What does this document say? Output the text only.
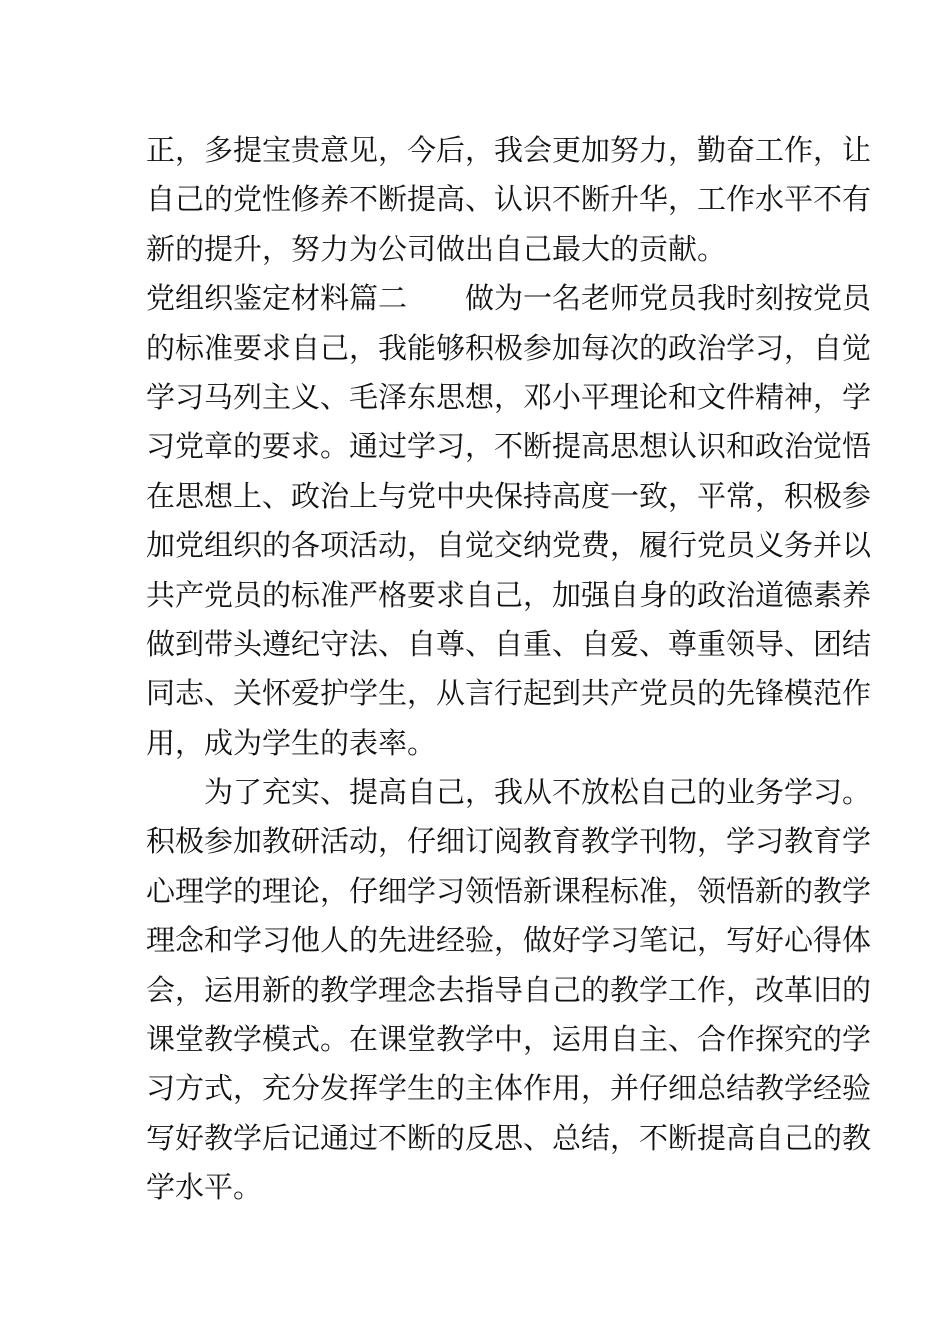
正，多提宝贵意见，今后，我会更加努力，勤奋工作，让
自己的党性修养不断提高、认识不断升华，工作水平不有
新的提升，努力为公司做出自己最大的贡献。
党组织鉴定材料篇二　　做为一名老师党员我时刻按党员
的标准要求自己，我能够积极参加每次的政治学习，自觉
学习马列主义、毛泽东思想，邓小平理论和文件精神，学
习党章的要求。通过学习，不断提高思想认识和政治觉悟
在思想上、政治上与党中央保持高度一致，平常，积极参
加党组织的各项活动，自觉交纳党费，履行党员义务并以
共产党员的标准严格要求自己，加强自身的政治道德素养
做到带头遵纪守法、自尊、自重、自爱、尊重领导、团结
同志、关怀爱护学生，从言行起到共产党员的先锋模范作
用，成为学生的表率。
　　为了充实、提高自己，我从不放松自己的业务学习。
积极参加教研活动，仔细订阅教育教学刊物，学习教育学
心理学的理论，仔细学习领悟新课程标准，领悟新的教学
理念和学习他人的先进经验，做好学习笔记，写好心得体
会，运用新的教学理念去指导自己的教学工作，改革旧的
课堂教学模式。在课堂教学中，运用自主、合作探究的学
习方式，充分发挥学生的主体作用，并仔细总结教学经验
写好教学后记通过不断的反思、总结，不断提高自己的教
学水平。
